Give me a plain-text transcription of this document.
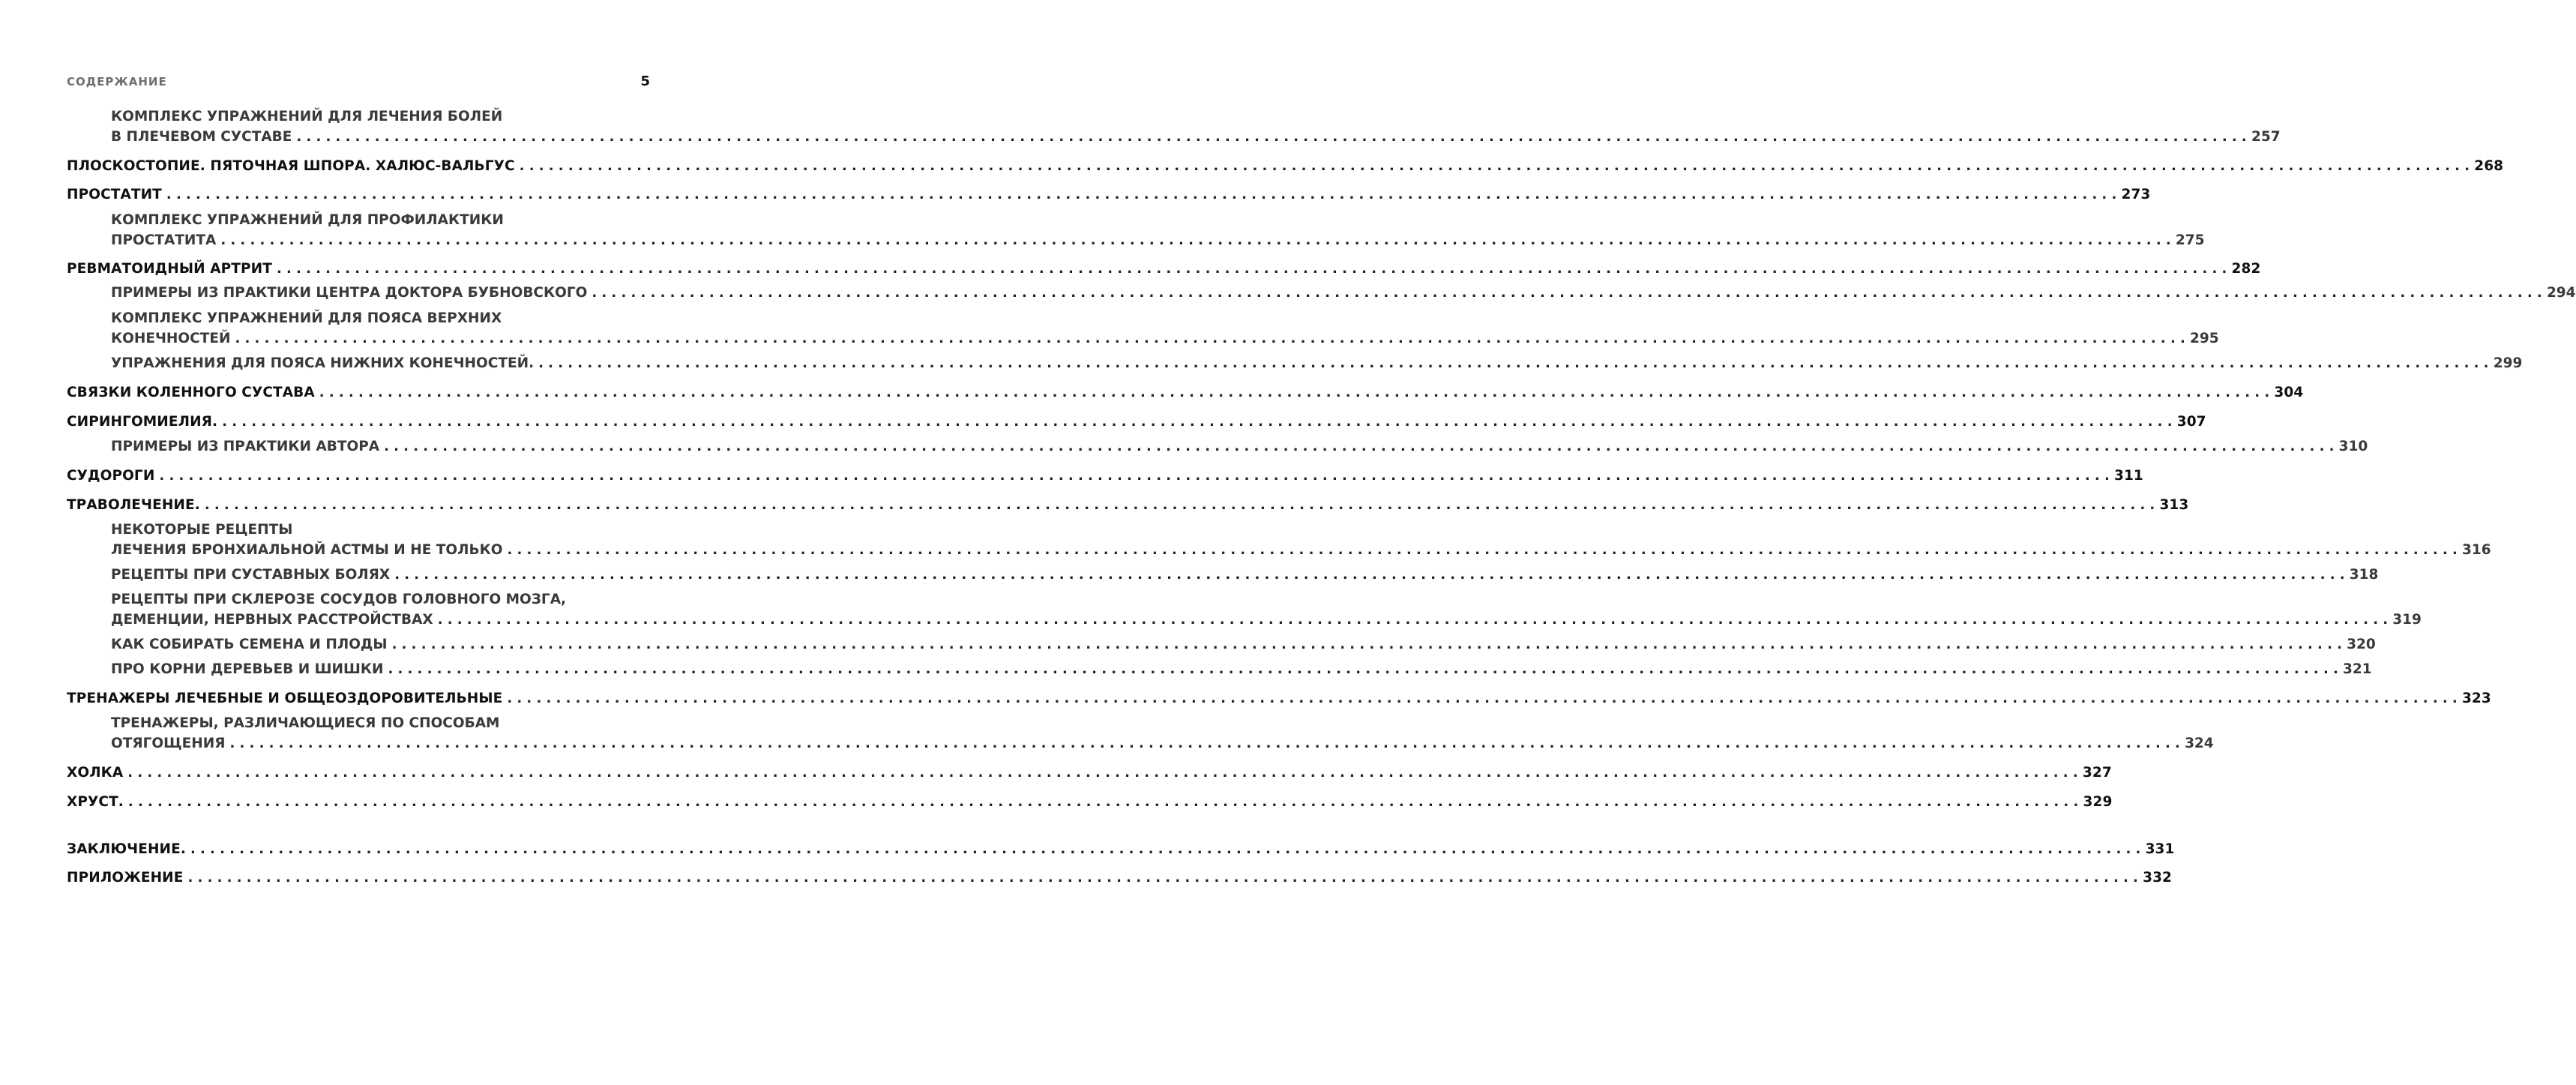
СОДЕРЖАНИЕ	5
КОМПЛЕКС УПРАЖНЕНИЙ ДЛЯ ЛЕЧЕНИЯ БОЛЕЙ
В ПЛЕЧЕВОМ СУСТАВЕ ........................................................................................................................................................................................................ 257
ПЛОСКОСТОПИЕ. ПЯТОЧНАЯ ШПОРА. ХАЛЮС-ВАЛЬГУС ........................................................................................................................................................................................................ 268
ПРОСТАТИТ ........................................................................................................................................................................................................ 273
КОМПЛЕКС УПРАЖНЕНИЙ ДЛЯ ПРОФИЛАКТИКИ
ПРОСТАТИТА ........................................................................................................................................................................................................ 275
РЕВМАТОИДНЫЙ АРТРИТ ........................................................................................................................................................................................................ 282
ПРИМЕРЫ ИЗ ПРАКТИКИ ЦЕНТРА ДОКТОРА БУБНОВСКОГО ........................................................................................................................................................................................................ 294
КОМПЛЕКС УПРАЖНЕНИЙ ДЛЯ ПОЯСА ВЕРХНИХ
КОНЕЧНОСТЕЙ ........................................................................................................................................................................................................ 295
УПРАЖНЕНИЯ ДЛЯ ПОЯСА НИЖНИХ КОНЕЧНОСТЕЙ. ........................................................................................................................................................................................................ 299
СВЯЗКИ КОЛЕННОГО СУСТАВА ........................................................................................................................................................................................................ 304
СИРИНГОМИЕЛИЯ. ........................................................................................................................................................................................................ 307
ПРИМЕРЫ ИЗ ПРАКТИКИ АВТОРА ........................................................................................................................................................................................................ 310
СУДОРОГИ ........................................................................................................................................................................................................ 311
ТРАВОЛЕЧЕНИЕ. ........................................................................................................................................................................................................ 313
НЕКОТОРЫЕ РЕЦЕПТЫ
ЛЕЧЕНИЯ БРОНХИАЛЬНОЙ АСТМЫ И НЕ ТОЛЬКО ........................................................................................................................................................................................................ 316
РЕЦЕПТЫ ПРИ СУСТАВНЫХ БОЛЯХ ........................................................................................................................................................................................................ 318
РЕЦЕПТЫ ПРИ СКЛЕРОЗЕ СОСУДОВ ГОЛОВНОГО МОЗГА,
ДЕМЕНЦИИ, НЕРВНЫХ РАССТРОЙСТВАХ ........................................................................................................................................................................................................ 319
КАК СОБИРАТЬ СЕМЕНА И ПЛОДЫ ........................................................................................................................................................................................................ 320
ПРО КОРНИ ДЕРЕВЬЕВ И ШИШКИ ........................................................................................................................................................................................................ 321
ТРЕНАЖЕРЫ ЛЕЧЕБНЫЕ И ОБЩЕОЗДОРОВИТЕЛЬНЫЕ ........................................................................................................................................................................................................ 323
ТРЕНАЖЕРЫ, РАЗЛИЧАЮЩИЕСЯ ПО СПОСОБАМ
ОТЯГОЩЕНИЯ ........................................................................................................................................................................................................ 324
ХОЛКА ........................................................................................................................................................................................................ 327
ХРУСТ. ........................................................................................................................................................................................................ 329
ЗАКЛЮЧЕНИЕ. ........................................................................................................................................................................................................ 331
ПРИЛОЖЕНИЕ ........................................................................................................................................................................................................ 332
